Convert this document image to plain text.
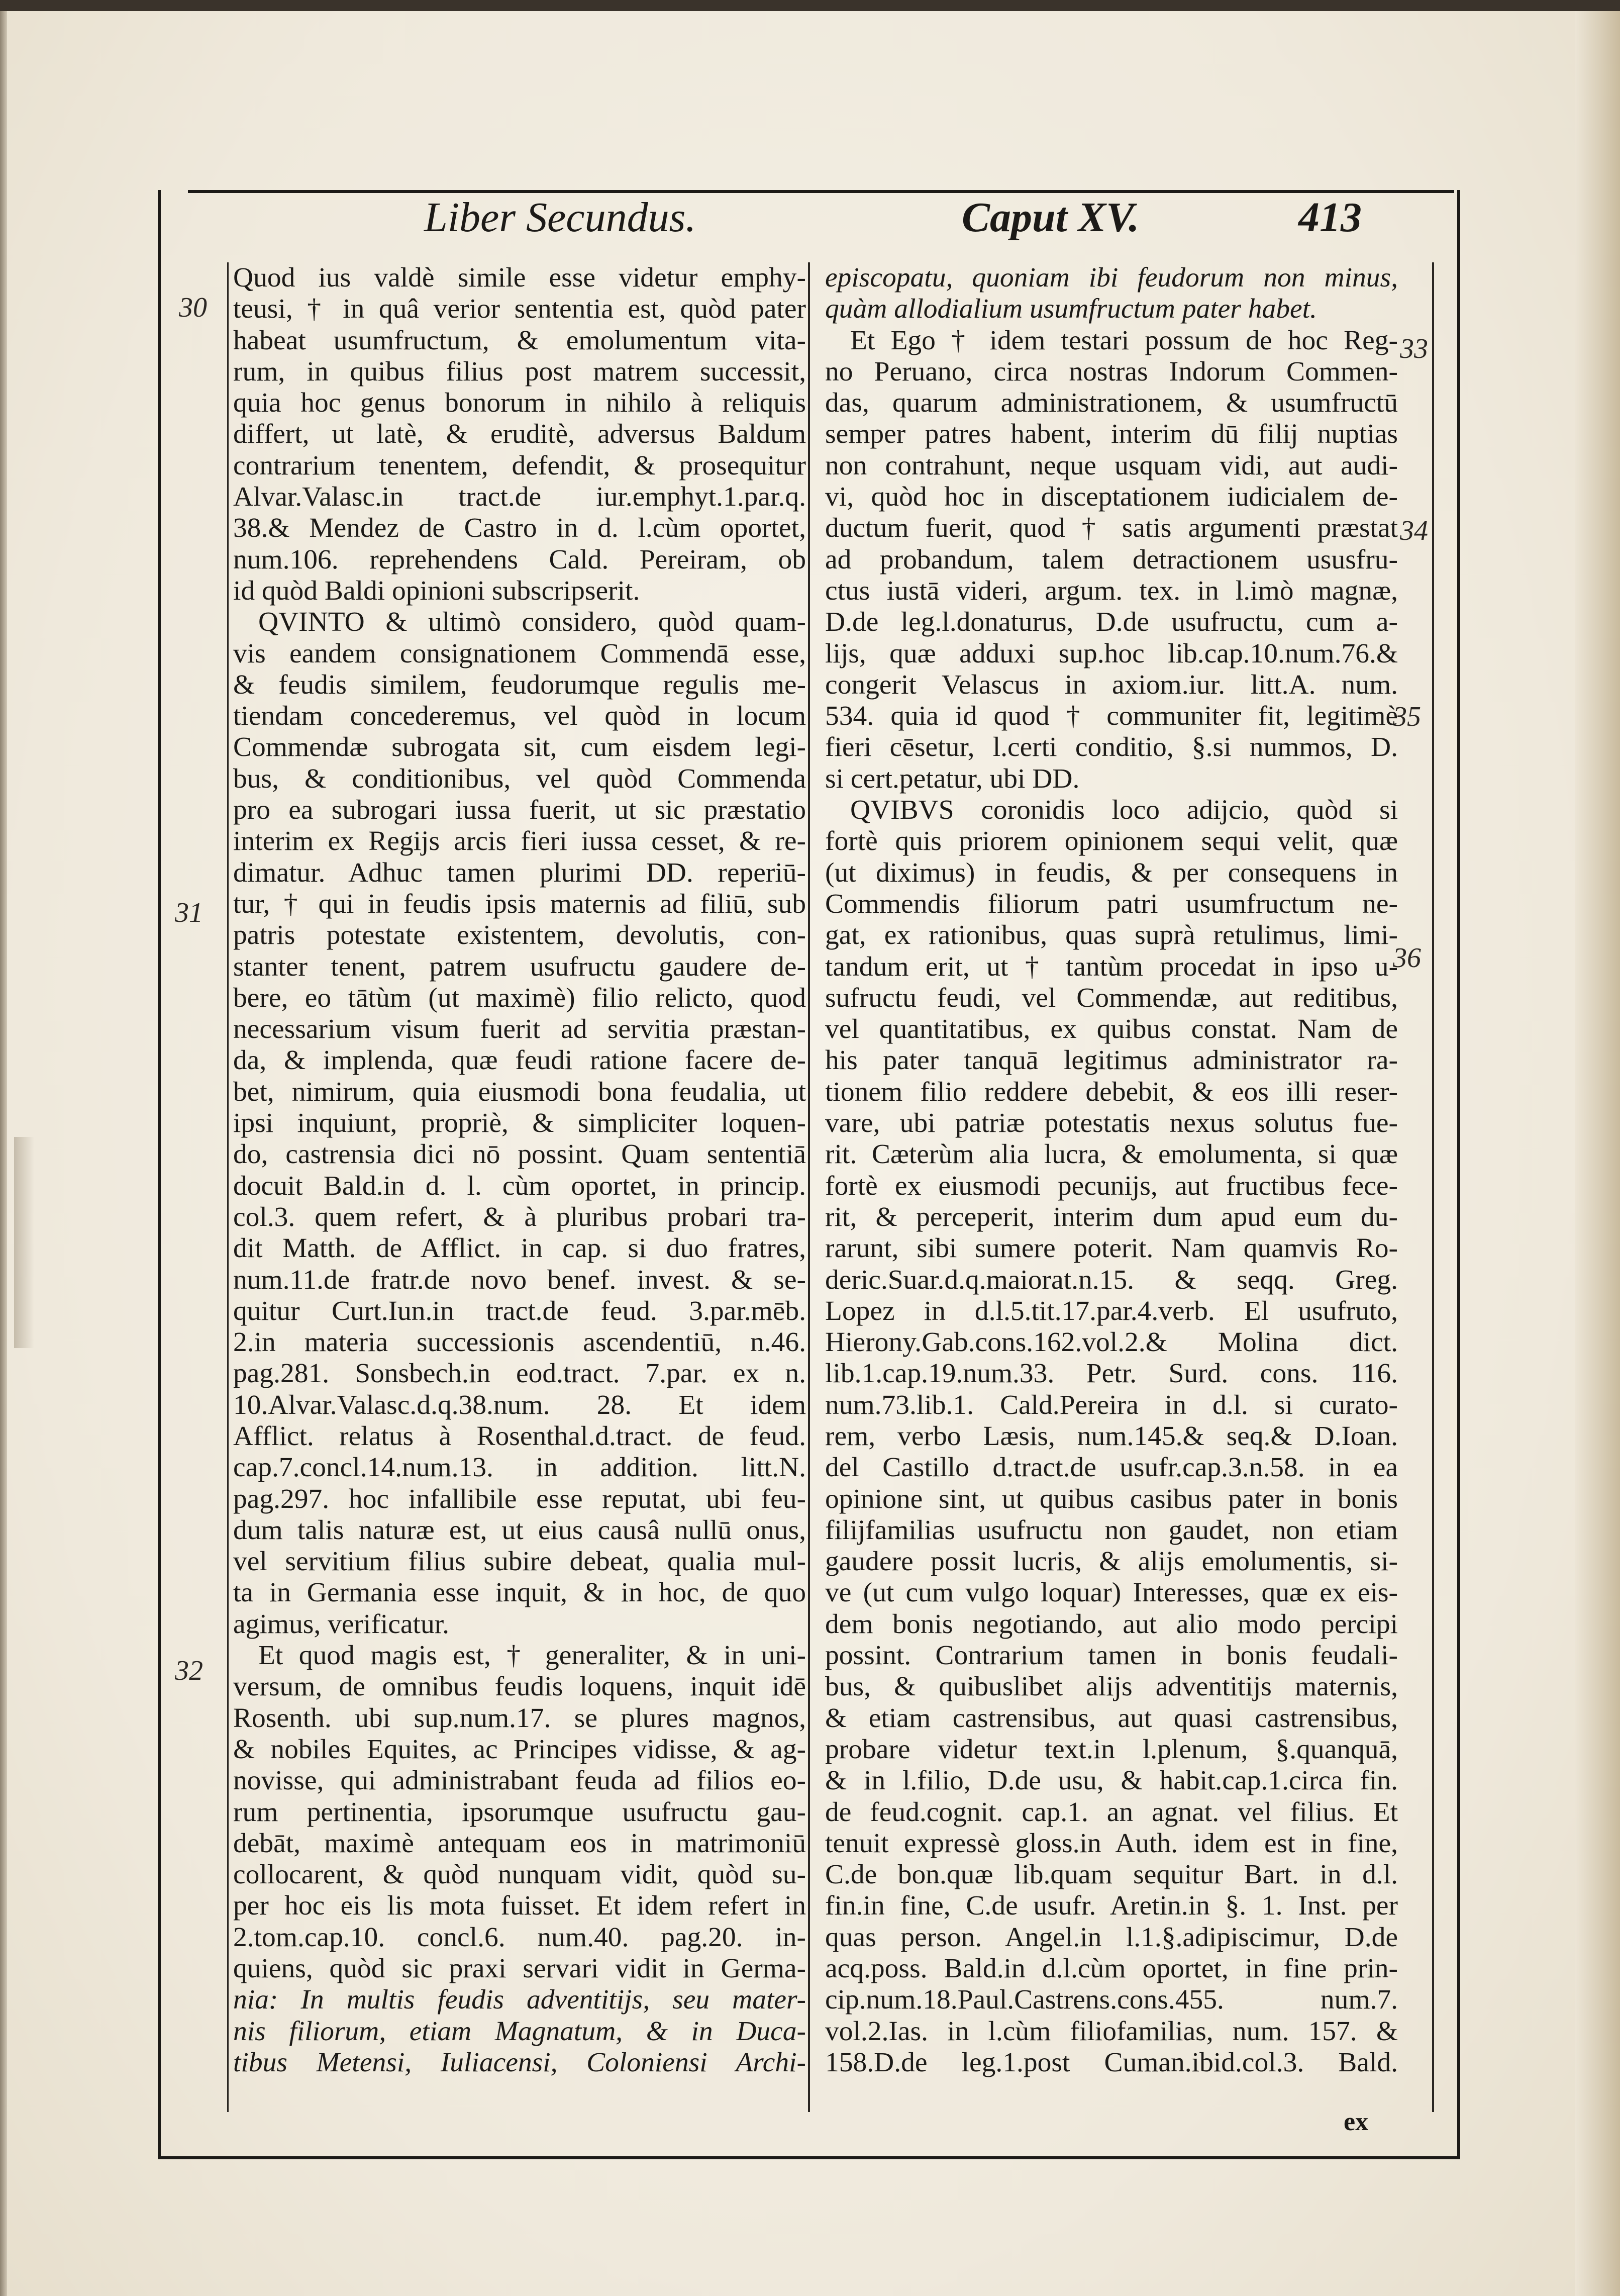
Liber Secundus.	Caput XV.	413
30
31
32
33
34
35
36
Quod ius valdè simile esse videtur emphy-
teusi, † in quâ verior sententia est, quòd pater
habeat usumfructum, & emolumentum vita-
rum, in quibus filius post matrem successit,
quia hoc genus bonorum in nihilo à reliquis
differt, ut latè, & eruditè, adversus Baldum
contrarium tenentem, defendit, & prosequitur
Alvar.Valasc.in tract.de iur.emphyt.1.par.q.
38.& Mendez de Castro in d. l.cùm oportet,
num.106. reprehendens Cald. Pereiram, ob
id quòd Baldi opinioni subscripserit.
QVINTO & ultimò considero, quòd quam-
vis eandem consignationem Commendā esse,
& feudis similem, feudorumque regulis me-
tiendam concederemus, vel quòd in locum
Commendæ subrogata sit, cum eisdem legi-
bus, & conditionibus, vel quòd Commenda
pro ea subrogari iussa fuerit, ut sic præstatio
interim ex Regijs arcis fieri iussa cesset, & re-
dimatur. Adhuc tamen plurimi DD. reperiū-
tur, † qui in feudis ipsis maternis ad filiū, sub
patris potestate existentem, devolutis, con-
stanter tenent, patrem usufructu gaudere de-
bere, eo tātùm (ut maximè) filio relicto, quod
necessarium visum fuerit ad servitia præstan-
da, & implenda, quæ feudi ratione facere de-
bet, nimirum, quia eiusmodi bona feudalia, ut
ipsi inquiunt, propriè, & simpliciter loquen-
do, castrensia dici nō possint. Quam sententiā
docuit Bald.in d. l. cùm oportet, in princip.
col.3. quem refert, & à pluribus probari tra-
dit Matth. de Afflict. in cap. si duo fratres,
num.11.de fratr.de novo benef. invest. & se-
quitur Curt.Iun.in tract.de feud. 3.par.mēb.
2.in materia successionis ascendentiū, n.46.
pag.281. Sonsbech.in eod.tract. 7.par. ex n.
10.Alvar.Valasc.d.q.38.num. 28. Et idem
Afflict. relatus à Rosenthal.d.tract. de feud.
cap.7.concl.14.num.13. in addition. litt.N.
pag.297. hoc infallibile esse reputat, ubi feu-
dum talis naturæ est, ut eius causâ nullū onus,
vel servitium filius subire debeat, qualia mul-
ta in Germania esse inquit, & in hoc, de quo
agimus, verificatur.
Et quod magis est, † generaliter, & in uni-
versum, de omnibus feudis loquens, inquit idē
Rosenth. ubi sup.num.17. se plures magnos,
& nobiles Equites, ac Principes vidisse, & ag-
novisse, qui administrabant feuda ad filios eo-
rum pertinentia, ipsorumque usufructu gau-
debāt, maximè antequam eos in matrimoniū
collocarent, & quòd nunquam vidit, quòd su-
per hoc eis lis mota fuisset. Et idem refert in
2.tom.cap.10. concl.6. num.40. pag.20. in-
quiens, quòd sic praxi servari vidit in Germa-
nia: In multis feudis adventitijs, seu mater-
nis filiorum, etiam Magnatum, & in Duca-
tibus Metensi, Iuliacensi, Coloniensi Archi-
episcopatu, quoniam ibi feudorum non minus,
quàm allodialium usumfructum pater habet.
Et Ego † idem testari possum de hoc Reg-
no Peruano, circa nostras Indorum Commen-
das, quarum administrationem, & usumfructū
semper patres habent, interim dū filij nuptias
non contrahunt, neque usquam vidi, aut audi-
vi, quòd hoc in disceptationem iudicialem de-
ductum fuerit, quod † satis argumenti præstat
ad probandum, talem detractionem ususfru-
ctus iustā videri, argum. tex. in l.imò magnæ,
D.de leg.l.donaturus, D.de usufructu, cum a-
lijs, quæ adduxi sup.hoc lib.cap.10.num.76.&
congerit Velascus in axiom.iur. litt.A. num.
534. quia id quod † communiter fit, legitimè
fieri cēsetur, l.certi conditio, §.si nummos, D.
si cert.petatur, ubi DD.
QVIBVS coronidis loco adijcio, quòd si
fortè quis priorem opinionem sequi velit, quæ
(ut diximus) in feudis, & per consequens in
Commendis filiorum patri usumfructum ne-
gat, ex rationibus, quas suprà retulimus, limi-
tandum erit, ut † tantùm procedat in ipso u-
sufructu feudi, vel Commendæ, aut reditibus,
vel quantitatibus, ex quibus constat. Nam de
his pater tanquā legitimus administrator ra-
tionem filio reddere debebit, & eos illi reser-
vare, ubi patriæ potestatis nexus solutus fue-
rit. Cæterùm alia lucra, & emolumenta, si quæ
fortè ex eiusmodi pecunijs, aut fructibus fece-
rit, & perceperit, interim dum apud eum du-
rarunt, sibi sumere poterit. Nam quamvis Ro-
deric.Suar.d.q.maiorat.n.15. & seqq. Greg.
Lopez in d.l.5.tit.17.par.4.verb. El usufruto,
Hierony.Gab.cons.162.vol.2.& Molina dict.
lib.1.cap.19.num.33. Petr. Surd. cons. 116.
num.73.lib.1. Cald.Pereira in d.l. si curato-
rem, verbo Læsis, num.145.& seq.& D.Ioan.
del Castillo d.tract.de usufr.cap.3.n.58. in ea
opinione sint, ut quibus casibus pater in bonis
filijfamilias usufructu non gaudet, non etiam
gaudere possit lucris, & alijs emolumentis, si-
ve (ut cum vulgo loquar) Interesses, quæ ex eis-
dem bonis negotiando, aut alio modo percipi
possint. Contrarium tamen in bonis feudali-
bus, & quibuslibet alijs adventitijs maternis,
& etiam castrensibus, aut quasi castrensibus,
probare videtur text.in l.plenum, §.quanquā,
& in l.filio, D.de usu, & habit.cap.1.circa fin.
de feud.cognit. cap.1. an agnat. vel filius. Et
tenuit expressè gloss.in Auth. idem est in fine,
C.de bon.quæ lib.quam sequitur Bart. in d.l.
fin.in fine, C.de usufr. Aretin.in §. 1. Inst. per
quas person. Angel.in l.1.§.adipiscimur, D.de
acq.poss. Bald.in d.l.cùm oportet, in fine prin-
cip.num.18.Paul.Castrens.cons.455. num.7.
vol.2.Ias. in l.cùm filiofamilias, num. 157. &
158.D.de leg.1.post Cuman.ibid.col.3. Bald.
ex
